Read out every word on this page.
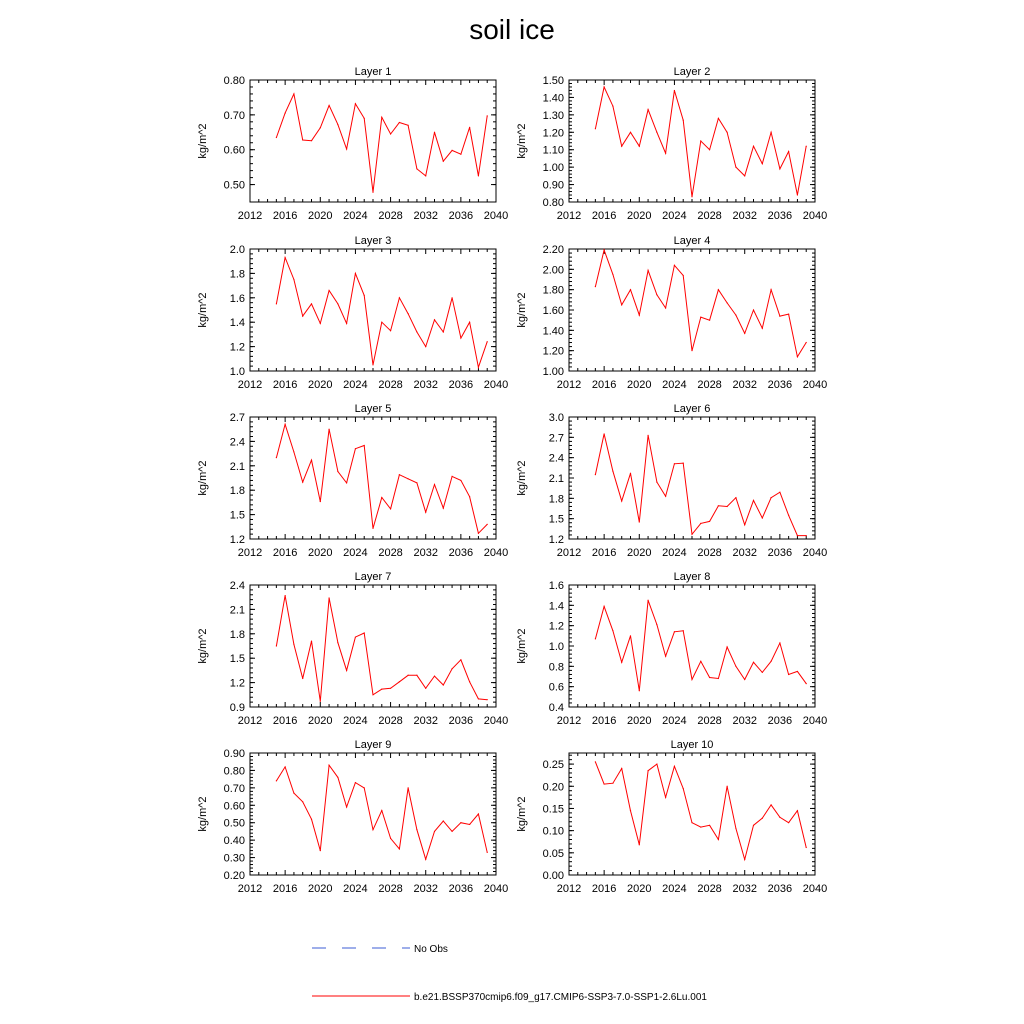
soil ice
Layer 1
kg/m^2
2012 2016 2020 2024 2028 2032 2036 2040
0.50
0.60
0.70
0.80
Layer 2
kg/m^2
2012 2016 2020 2024 2028 2032 2036 2040
0.80
0.90
1.00
1.10
1.20
1.30
1.40
1.50
Layer 3
kg/m^2
2012 2016 2020 2024 2028 2032 2036 2040
1.0
1.2
1.4
1.6
1.8
2.0
Layer 4
kg/m^2
2012 2016 2020 2024 2028 2032 2036 2040
1.00
1.20
1.40
1.60
1.80
2.00
2.20
Layer 5
kg/m^2
2012 2016 2020 2024 2028 2032 2036 2040
1.2
1.5
1.8
2.1
2.4
2.7
Layer 6
kg/m^2
2012 2016 2020 2024 2028 2032 2036 2040
1.2
1.5
1.8
2.1
2.4
2.7
3.0
Layer 7
kg/m^2
2012 2016 2020 2024 2028 2032 2036 2040
0.9
1.2
1.5
1.8
2.1
2.4
Layer 8
kg/m^2
2012 2016 2020 2024 2028 2032 2036 2040
0.4
0.6
0.8
1.0
1.2
1.4
1.6
Layer 9
kg/m^2
2012 2016 2020 2024 2028 2032 2036 2040
0.20
0.30
0.40
0.50
0.60
0.70
0.80
0.90
Layer 10
kg/m^2
2012 2016 2020 2024 2028 2032 2036 2040
0.00
0.05
0.10
0.15
0.20
0.25
No Obs
b.e21.BSSP370cmip6.f09_g17.CMIP6-SSP3-7.0-SSP1-2.6Lu.001
